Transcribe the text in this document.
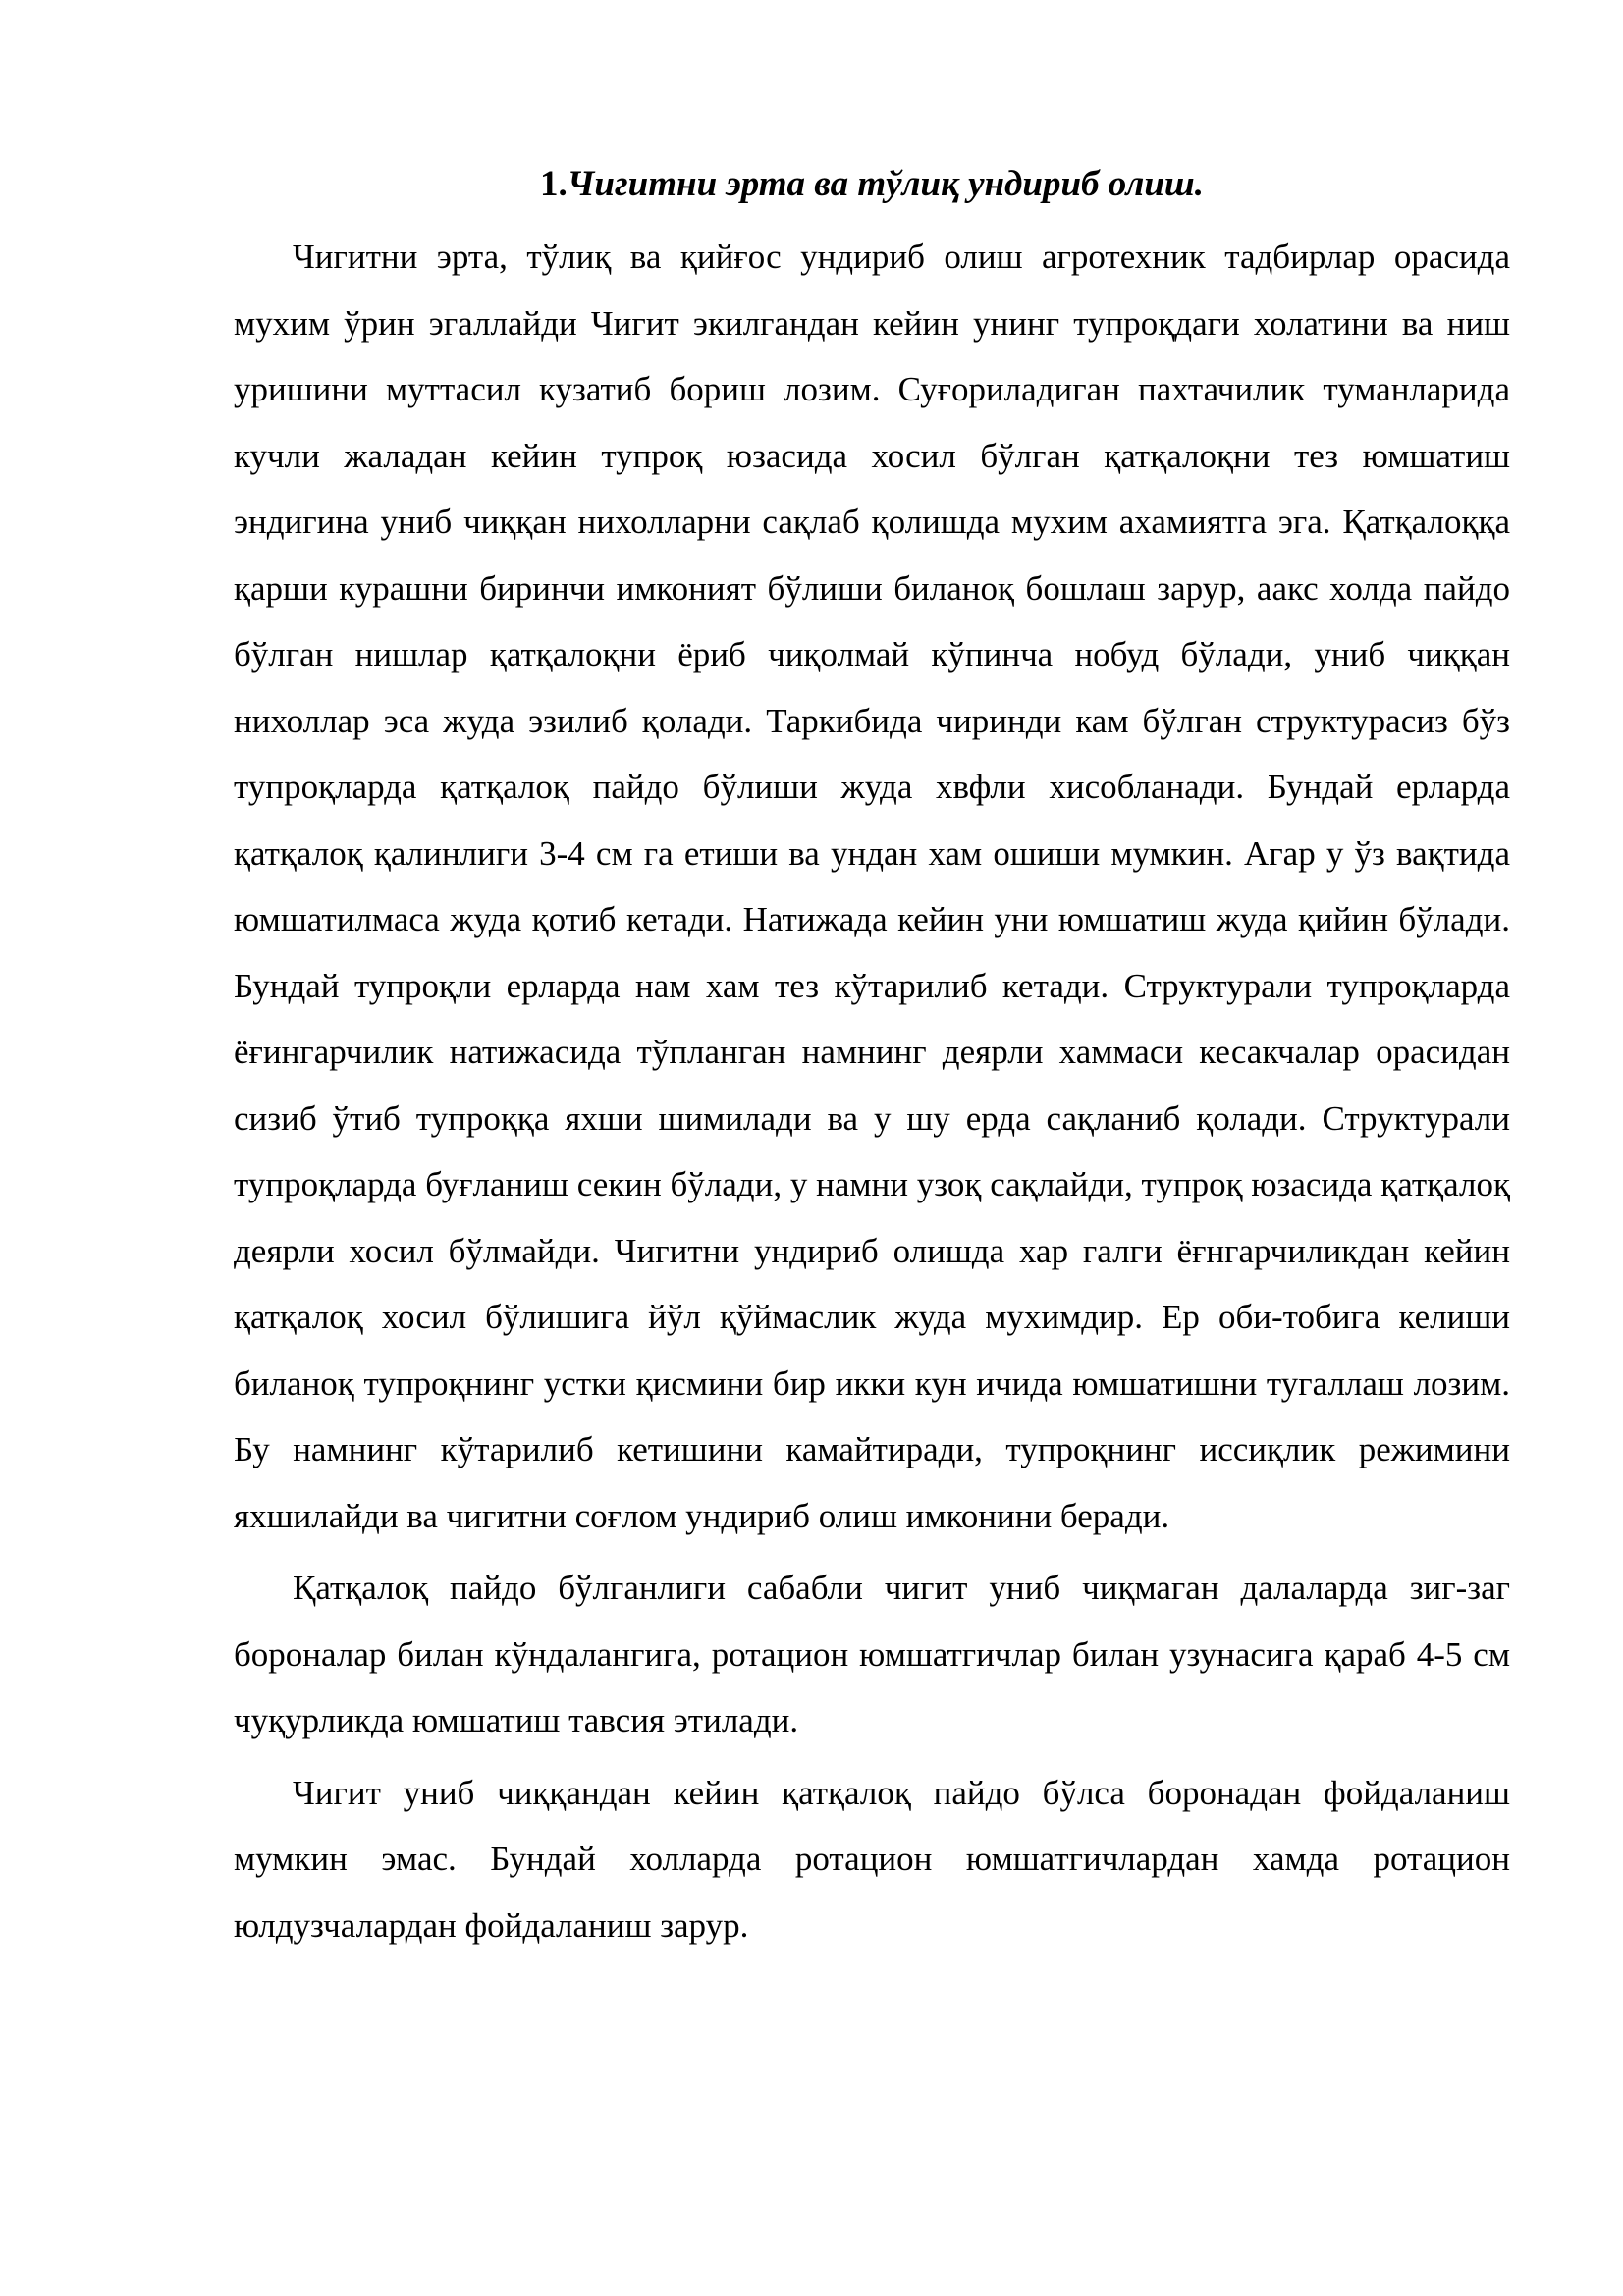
1.Чигитни эрта ва тўлиқ ундириб олиш.

Чигитни эрта, тўлиқ ва қийғос ундириб олиш агротехник тадбирлар орасида мухим ўрин эгаллайди Чигит экилгандан кейин унинг тупроқдаги холатини ва ниш уришини муттасил кузатиб бориш лозим. Суғориладиган пахтачилик туманларида кучли жаладан кейин тупроқ юзасида хосил бўлган қатқалоқни тез юмшатиш эндигина униб чиққан нихолларни сақлаб қолишда мухим ахамиятга эга. Қатқалоққа қарши курашни биринчи имконият бўлиши биланоқ бошлаш зарур, аакс холда пайдо бўлган нишлар қатқалоқни ёриб чиқолмай кўпинча нобуд бўлади, униб чиққан нихоллар эса жуда эзилиб қолади. Таркибида чиринди кам бўлган структурасиз бўз тупроқларда қатқалоқ пайдо бўлиши жуда хвфли хисобланади. Бундай ерларда қатқалоқ қалинлиги 3-4 см га етиши ва ундан хам ошиши мумкин. Агар у ўз вақтида юмшатилмаса жуда қотиб кетади. Натижада кейин уни юмшатиш жуда қийин бўлади. Бундай тупроқли ерларда нам хам тез кўтарилиб кетади. Структурали тупроқларда ёғингарчилик натижасида тўпланган намнинг деярли хаммаси кесакчалар орасидан сизиб ўтиб тупроққа яхши шимилади ва у шу ерда сақланиб қолади. Структурали тупроқларда буғланиш секин бўлади, у намни узоқ сақлайди, тупроқ юзасида қатқалоқ деярли хосил бўлмайди. Чигитни ундириб олишда хар галги ёғнгарчиликдан кейин қатқалоқ хосил бўлишига йўл қўймаслик жуда мухимдир. Ер оби-тобига келиши биланоқ тупроқнинг устки қисмини бир икки кун ичида юмшатишни тугаллаш лозим. Бу намнинг кўтарилиб кетишини камайтиради, тупроқнинг иссиқлик режимини яхшилайди ва чигитни соғлом ундириб олиш имконини беради.

Қатқалоқ пайдо бўлганлиги сабабли чигит униб чиқмаган далаларда зиг-заг бороналар билан кўндалангига, ротацион юмшатгичлар билан узунасига қараб 4-5 см чуқурликда юмшатиш тавсия этилади.

Чигит униб чиққандан кейин қатқалоқ пайдо бўлса боронадан фойдаланиш мумкин эмас. Бундай холларда ротацион юмшатгичлардан хамда ротацион юлдузчалардан фойдаланиш зарур.
